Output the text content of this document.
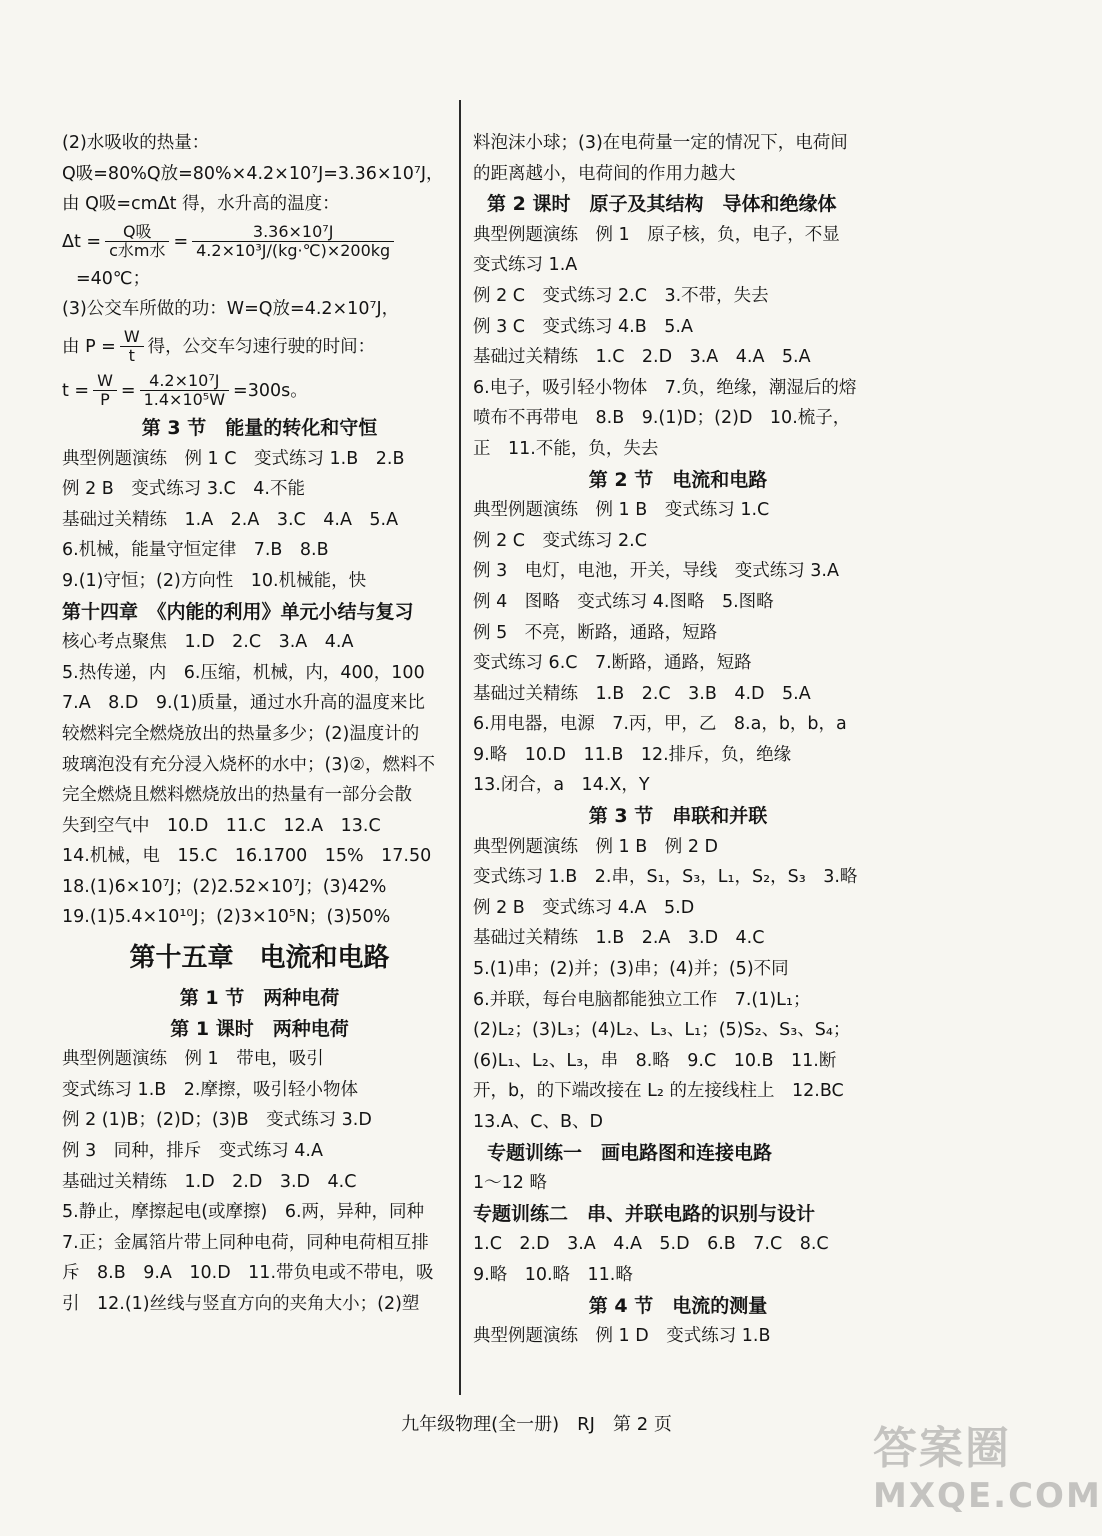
(2)水吸收的热量：
Q吸=80%Q放=80%×4.2×10⁷J=3.36×10⁷J，
由 Q吸=cmΔt 得，水升高的温度：
$\Delta t = \frac{\text{Q吸}}{\text{c水m水}} = \frac{\text{3.36×10⁷J}}{\text{4.2×10³J/(kg·℃)×200kg}}$
=40℃；
(3)公交车所做的功：W=Q放=4.2×10⁷J，
由 $P = \frac{W}{t}$ 得，公交车匀速行驶的时间：
$t = \frac{W}{P} = \frac{\text{4.2×10⁷J}}{\text{1.4×10⁵W}} =300s$。
第 3 节　能量的转化和守恒
典型例题演练　例 1 C　变式练习 1.B　2.B
例 2 B　变式练习 3.C　4.不能
基础过关精练　1.A　2.A　3.C　4.A　5.A
6.机械，能量守恒定律　7.B　8.B
9.(1)守恒；(2)方向性　10.机械能，快
第十四章　《内能的利用》单元小结与复习
核心考点聚焦　1.D　2.C　3.A　4.A
5.热传递，内　6.压缩，机械，内，400，100
7.A　8.D　9.(1)质量，通过水升高的温度来比
较燃料完全燃烧放出的热量多少；(2)温度计的
玻璃泡没有充分浸入烧杯的水中；(3)②，燃料不
完全燃烧且燃料燃烧放出的热量有一部分会散
失到空气中　10.D　11.C　12.A　13.C
14.机械，电　15.C　16.1700　15%　17.50
18.(1)6×10⁷J；(2)2.52×10⁷J；(3)42%
19.(1)5.4×10¹⁰J；(2)3×10⁵N；(3)50%
第十五章　电流和电路
第 1 节　两种电荷
第 1 课时　两种电荷
典型例题演练　例 1　带电，吸引
变式练习 1.B　2.摩擦，吸引轻小物体
例 2 (1)B；(2)D；(3)B　变式练习 3.D
例 3　同种，排斥　变式练习 4.A
基础过关精练　1.D　2.D　3.D　4.C
5.静止，摩擦起电(或摩擦)　6.两，异种，同种
7.正；金属箔片带上同种电荷，同种电荷相互排
斥　8.B　9.A　10.D　11.带负电或不带电，吸
引　12.(1)丝线与竖直方向的夹角大小；(2)塑
料泡沫小球；(3)在电荷量一定的情况下，电荷间
的距离越小，电荷间的作用力越大
第 2 课时　原子及其结构　导体和绝缘体
典型例题演练　例 1　原子核，负，电子，不显
变式练习 1.A
例 2 C　变式练习 2.C　3.不带，失去
例 3 C　变式练习 4.B　5.A
基础过关精练　1.C　2.D　3.A　4.A　5.A
6.电子，吸引轻小物体　7.负，绝缘，潮湿后的熔
喷布不再带电　8.B　9.(1)D；(2)D　10.梳子，
正　11.不能，负，失去
第 2 节　电流和电路
典型例题演练　例 1 B　变式练习 1.C
例 2 C　变式练习 2.C
例 3　电灯，电池，开关，导线　变式练习 3.A
例 4　图略　变式练习 4.图略　5.图略
例 5　不亮，断路，通路，短路
变式练习 6.C　7.断路，通路，短路
基础过关精练　1.B　2.C　3.B　4.D　5.A
6.用电器，电源　7.丙，甲，乙　8.a，b，b，a
9.略　10.D　11.B　12.排斥，负，绝缘
13.闭合，a　14.X，Y
第 3 节　串联和并联
典型例题演练　例 1 B　例 2 D
变式练习 1.B　2.串，S₁，S₃，L₁，S₂，S₃　3.略
例 2 B　变式练习 4.A　5.D
基础过关精练　1.B　2.A　3.D　4.C
5.(1)串；(2)并；(3)串；(4)并；(5)不同
6.并联，每台电脑都能独立工作　7.(1)L₁；
(2)L₂；(3)L₃；(4)L₂、L₃、L₁；(5)S₂、S₃、S₄；
(6)L₁、L₂、L₃，串　8.略　9.C　10.B　11.断
开，b，的下端改接在 L₂ 的左接线柱上　12.BC
13.A、C、B、D
专题训练一　画电路图和连接电路
1～12 略
专题训练二　串、并联电路的识别与设计
1.C　2.D　3.A　4.A　5.D　6.B　7.C　8.C
9.略　10.略　11.略
第 4 节　电流的测量
典型例题演练　例 1 D　变式练习 1.B
九年级物理(全一册)　RJ　第 2 页	答案圈
MXQE.COM
